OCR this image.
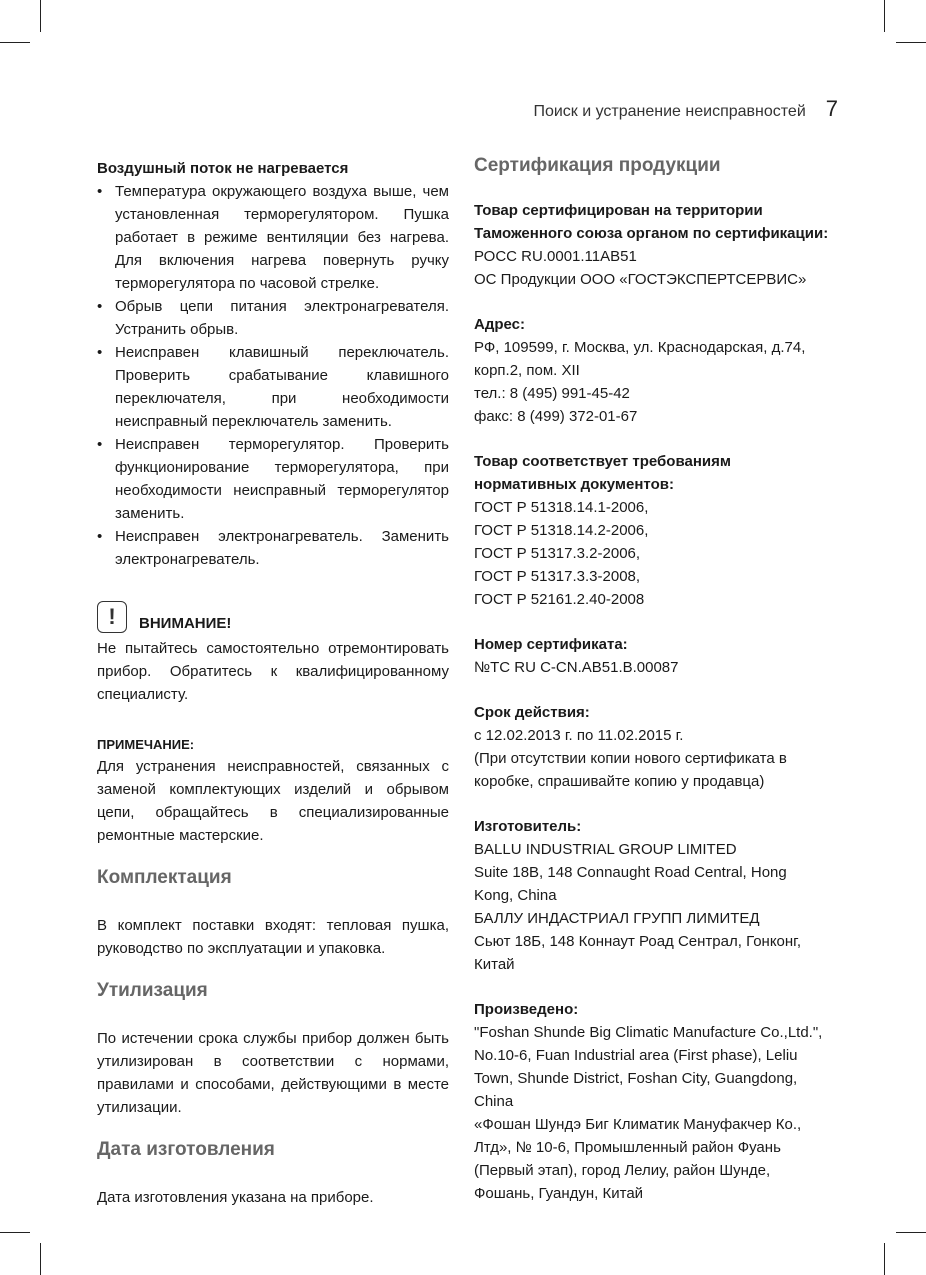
Поиск и устранение неисправностей 7

Воздушный поток не нагревается

• Температура окружающего воздуха выше, чем установленная терморегулятором. Пушка работает в режиме вентиляции без нагрева. Для включения нагрева повернуть ручку терморегулятора по часовой стрелке.
• Обрыв цепи питания электронагревателя. Устранить обрыв.
• Неисправен клавишный переключатель. Проверить срабатывание клавишного переключателя, при необходимости неисправный переключатель заменить.
• Неисправен терморегулятор. Проверить функционирование терморегулятора, при необходимости неисправный терморегулятор заменить.
• Неисправен электронагреватель. Заменить электронагреватель.
!	ВНИМАНИЕ!

Не пытайтесь самостоятельно отремонтировать прибор. Обратитесь к квалифицированному специалисту.

ПРИМЕЧАНИЕ:

Для устранения неисправностей, связанных с заменой комплектующих изделий и обрывом цепи, обращайтесь в специализированные ремонтные мастерские.

Комплектация

В комплект поставки входят: тепловая пушка, руководство по эксплуатации и упаковка.

Утилизация

По истечении срока службы прибор должен быть утилизирован в соответствии с нормами, правилами и способами, действующими в месте утилизации.

Дата изготовления

Дата изготовления указана на приборе.

Сертификация продукции

Товар сертифицирован на территории Таможенного союза органом по сертификации:

РОСС RU.0001.11АВ51

ОС Продукции ООО «ГОСТЭКСПЕРТСЕРВИС»

Адрес:

РФ, 109599, г. Москва, ул. Краснодарская, д.74, корп.2, пом. XII

тел.: 8 (495) 991-45-42

факс: 8 (499) 372-01-67

Товар соответствует требованиям нормативных документов:

ГОСТ Р 51318.14.1-2006,

ГОСТ Р 51318.14.2-2006,

ГОСТ Р 51317.3.2-2006,

ГОСТ Р 51317.3.3-2008,

ГОСТ Р 52161.2.40-2008

Номер сертификата:

№ТС RU C-CN.АВ51.В.00087

Срок действия:

с 12.02.2013 г. по 11.02.2015 г.

(При отсутствии копии нового сертификата в коробке, спрашивайте копию у продавца)

Изготовитель:

BALLU INDUSTRIAL GROUP LIMITED

Suite 18B, 148 Connaught Road Central, Hong Kong, China

БАЛЛУ ИНДАСТРИАЛ ГРУПП ЛИМИТЕД

Сьют 18Б, 148 Коннаут Роад Сентрал, Гонконг, Китай

Произведено:

"Foshan Shunde Big Climatic Manufacture Co.,Ltd.", No.10-6, Fuan Industrial area (First phase), Leliu Town, Shunde District, Foshan City, Guangdong, China

«Фошан Шундэ Биг Климатик Мануфакчер Ко., Лтд», № 10-6, Промышленный район Фуань (Первый этап), город Лелиу, район Шунде, Фошань, Гуандун, Китай
